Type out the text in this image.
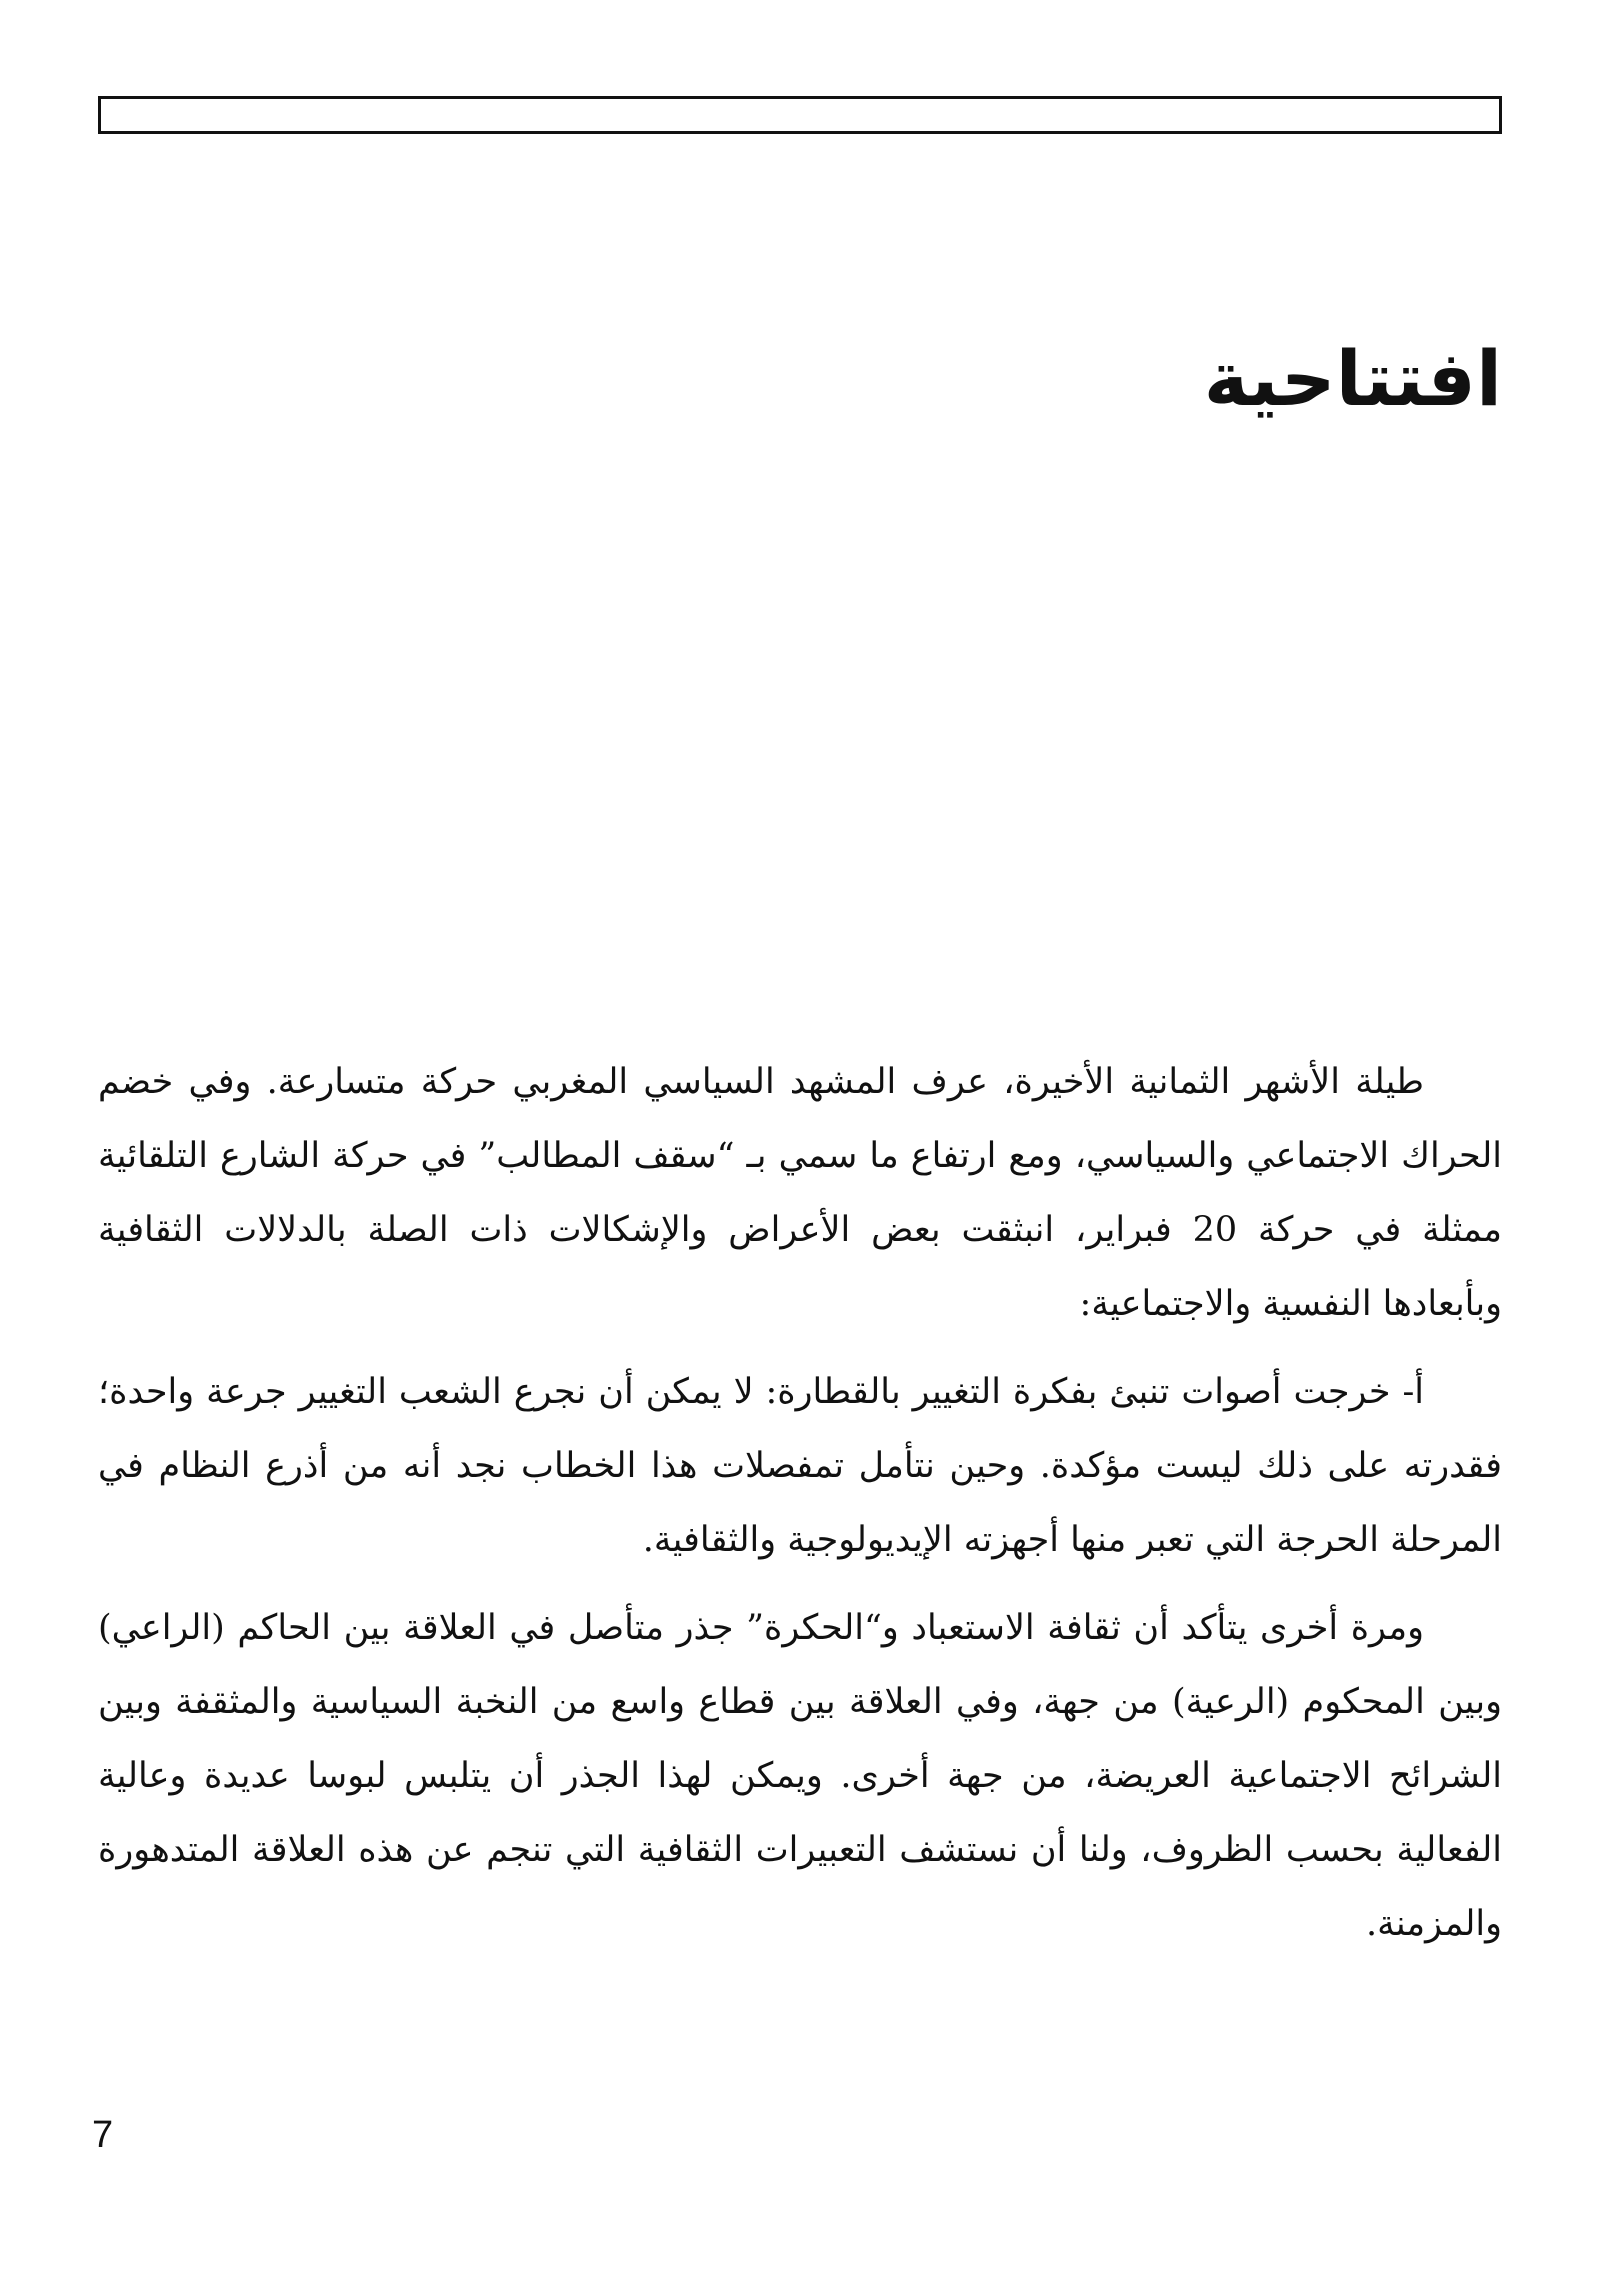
افتتاحية

طيلة الأشهر الثمانية الأخيرة، عرف المشهد السياسي المغربي حركة متسارعة. وفي خضم الحراك الاجتماعي والسياسي، ومع ارتفاع ما سمي بـ “سقف المطالب” في حركة الشارع التلقائية ممثلة في حركة 20 فبراير، انبثقت بعض الأعراض والإشكالات ذات الصلة بالدلالات الثقافية وبأبعادها النفسية والاجتماعية:

أ- خرجت أصوات تنبئ بفكرة التغيير بالقطارة: لا يمكن أن نجرع الشعب التغيير جرعة واحدة؛ فقدرته على ذلك ليست مؤكدة. وحين نتأمل تمفصلات هذا الخطاب نجد أنه من أذرع النظام في المرحلة الحرجة التي تعبر منها أجهزته الإيديولوجية والثقافية.

ومرة أخرى يتأكد أن ثقافة الاستعباد و“الحكرة” جذر متأصل في العلاقة بين الحاكم (الراعي) وبين المحكوم (الرعية) من جهة، وفي العلاقة بين قطاع واسع من النخبة السياسية والمثقفة وبين الشرائح الاجتماعية العريضة، من جهة أخرى. ويمكن لهذا الجذر أن يتلبس لبوسا عديدة وعالية الفعالية بحسب الظروف، ولنا أن نستشف التعبيرات الثقافية التي تنجم عن هذه العلاقة المتدهورة والمزمنة.

7
